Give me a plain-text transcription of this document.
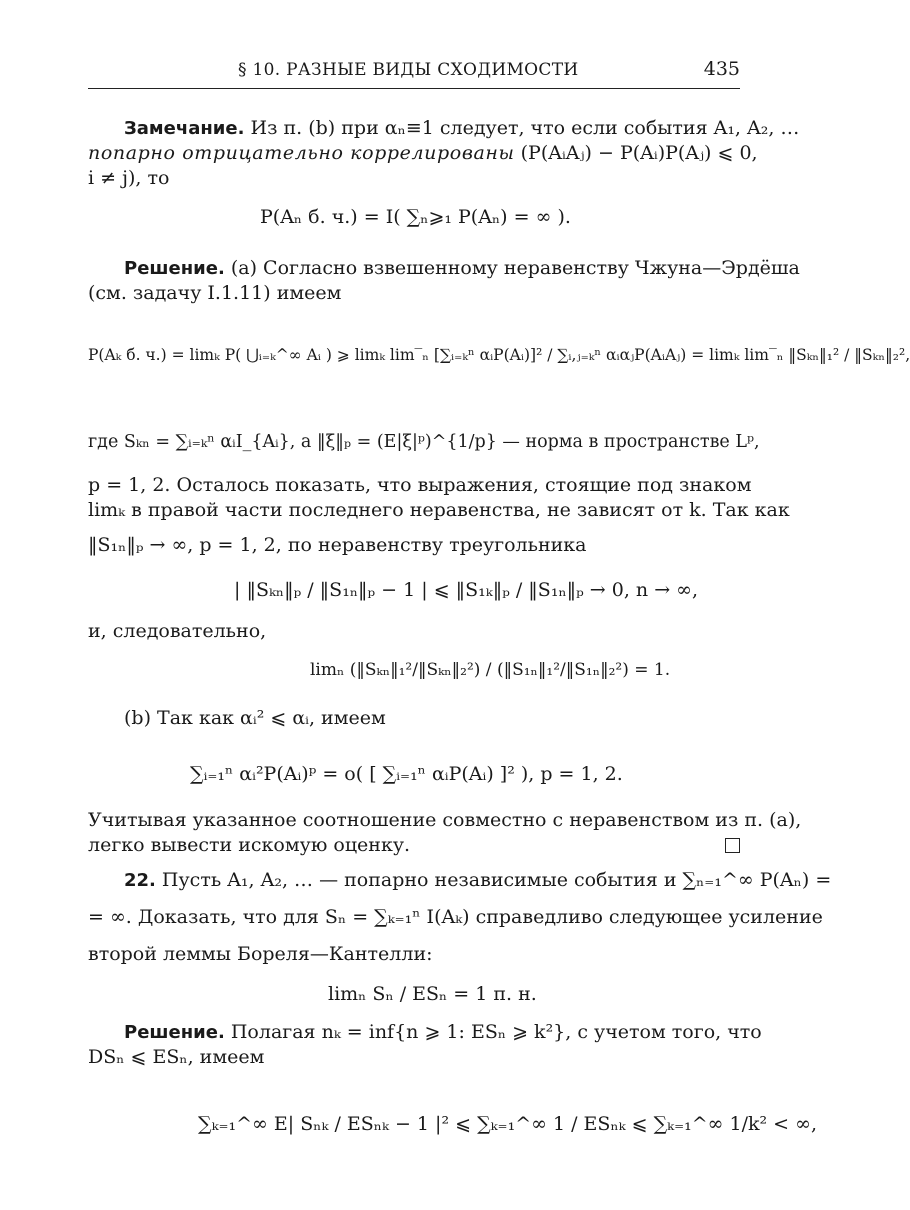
§ 10. РАЗНЫЕ ВИДЫ СХОДИМОСТИ	435
Замечание. Из п. (b) при αₙ≡1 следует, что если события A₁, A₂, …
попарно отрицательно коррелированы (P(AᵢAⱼ) − P(Aᵢ)P(Aⱼ) ⩽ 0,
i ≠ j), то
P(Aₙ б. ч.) = I( ∑ₙ⩾₁ P(Aₙ) = ∞ ).
Решение. (a) Согласно взвешенному неравенству Чжуна—Эрдёша
(см. задачу I.1.11) имеем
P(Aₖ б. ч.) = limₖ P( ⋃ᵢ₌ₖ^∞ Aᵢ ) ⩾ limₖ lim‾ₙ [∑ᵢ₌ₖⁿ αᵢP(Aᵢ)]² / ∑ᵢ,ⱼ₌ₖⁿ αᵢαⱼP(AᵢAⱼ) = limₖ lim‾ₙ ‖Sₖₙ‖₁² / ‖Sₖₙ‖₂²,
где Sₖₙ = ∑ᵢ₌ₖⁿ αᵢI_{Aᵢ}, а ‖ξ‖ₚ = (E|ξ|ᵖ)^{1/p} — норма в пространстве Lᵖ,
p = 1, 2. Осталось показать, что выражения, стоящие под знаком
limₖ в правой части последнего неравенства, не зависят от k. Так как
‖S₁ₙ‖ₚ → ∞, p = 1, 2, по неравенству треугольника
| ‖Sₖₙ‖ₚ / ‖S₁ₙ‖ₚ − 1 | ⩽ ‖S₁ₖ‖ₚ / ‖S₁ₙ‖ₚ → 0, n → ∞,
и, следовательно,
limₙ (‖Sₖₙ‖₁²/‖Sₖₙ‖₂²) / (‖S₁ₙ‖₁²/‖S₁ₙ‖₂²) = 1.
(b) Так как αᵢ² ⩽ αᵢ, имеем
∑ᵢ₌₁ⁿ αᵢ²P(Aᵢ)ᵖ = o( [ ∑ᵢ₌₁ⁿ αᵢP(Aᵢ) ]² ), p = 1, 2.
Учитывая указанное соотношение совместно с неравенством из п. (a),
легко вывести искомую оценку.
22. Пусть A₁, A₂, … — попарно независимые события и ∑ₙ₌₁^∞ P(Aₙ) =
= ∞. Доказать, что для Sₙ = ∑ₖ₌₁ⁿ I(Aₖ) справедливо следующее усиление
второй леммы Бореля—Кантелли:
limₙ Sₙ / ESₙ = 1 п. н.
Решение. Полагая nₖ = inf{n ⩾ 1: ESₙ ⩾ k²}, с учетом того, что
DSₙ ⩽ ESₙ, имеем
∑ₖ₌₁^∞ E| Sₙₖ / ESₙₖ − 1 |² ⩽ ∑ₖ₌₁^∞ 1 / ESₙₖ ⩽ ∑ₖ₌₁^∞ 1/k² < ∞,
